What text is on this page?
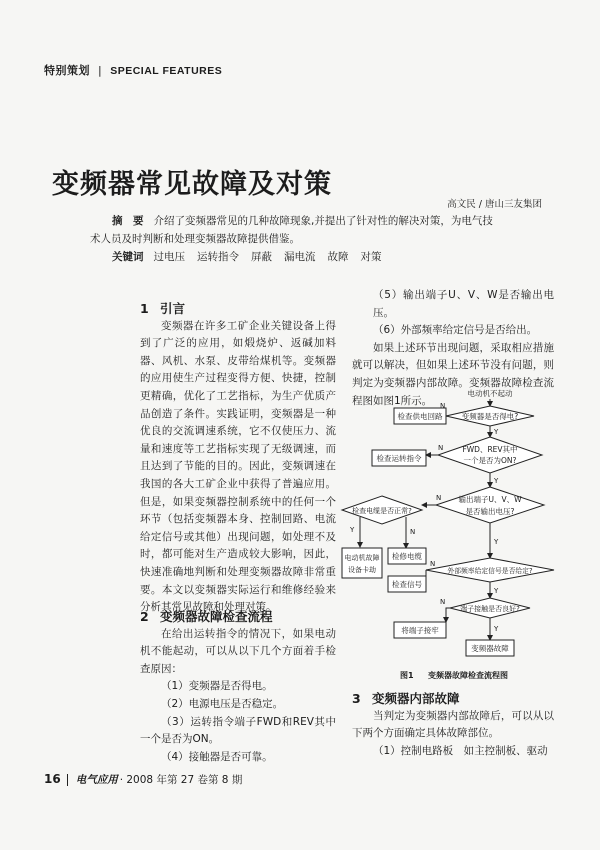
特别策划 | SPECIAL FEATURES
变频器常见故障及对策
高文民 / 唐山三友集团
摘　要 介绍了变频器常见的几种故障现象,并提出了针对性的解决对策，为电气技
术人员及时判断和处理变频器故障提供借鉴。
关键词 过电压 运转指令 屏蔽 漏电流 故障 对策
1 引言

变频器在许多工矿企业关键设备上得到了广泛的应用，如煅烧炉、返碱加料器、风机、水泵、皮带给煤机等。变频器的应用使生产过程变得方便、快捷，控制更精确，优化了工艺指标，为生产优质产品创造了条件。实践证明，变频器是一种优良的交流调速系统，它不仅使压力、流量和速度等工艺指标实现了无级调速，而且达到了节能的目的。因此，变频调速在我国的各大工矿企业中获得了普遍应用。但是，如果变频器控制系统中的任何一个环节（包括变频器本身、控制回路、电流给定信号或其他）出现问题，如处理不及时，都可能对生产造成较大影响，因此，快速准确地判断和处理变频器故障非常重要。本文以变频器实际运行和维修经验来分析其常见故障和处理对策。

2 变频器故障检查流程

在给出运转指令的情况下，如果电动机不能起动，可以从以下几个方面着手检查原因：

（1）变频器是否得电。

（2）电源电压是否稳定。

（3）运转指令端子FWD和REV其中一个是否为ON。

（4）接触器是否可靠。

（5）输出端子U、V、W是否输出电压。

（6）外部频率给定信号是否给出。

如果上述环节出现问题，采取相应措施就可以解决，但如果上述环节没有问题，则判定为变频器内部故障。变频器故障检查流程图如图1所示。

电动机不起动
变频器是否得电?
检查供电回路
N
Y
FWD、REV其中
一个是否为ON?
检查运转指令
N
Y
输出端子U、V、W
是否输出电压?
N
检查电缆是否正常?
Y	N
电动机故障
设备卡劫
检修电缆
Y
外部频率给定信号是否给定?
检查信号
N
Y
端子接触是否良好?
将端子接牢
N
Y
变频器故障
图1 变频器故障检查流程图
3 变频器内部故障

当判定为变频器内部故障后，可以从以下两个方面确定具体故障部位。

（1）控制电路板　如主控制板、驱动

16 电气应用 · 2008 年第 27 卷第 8 期
